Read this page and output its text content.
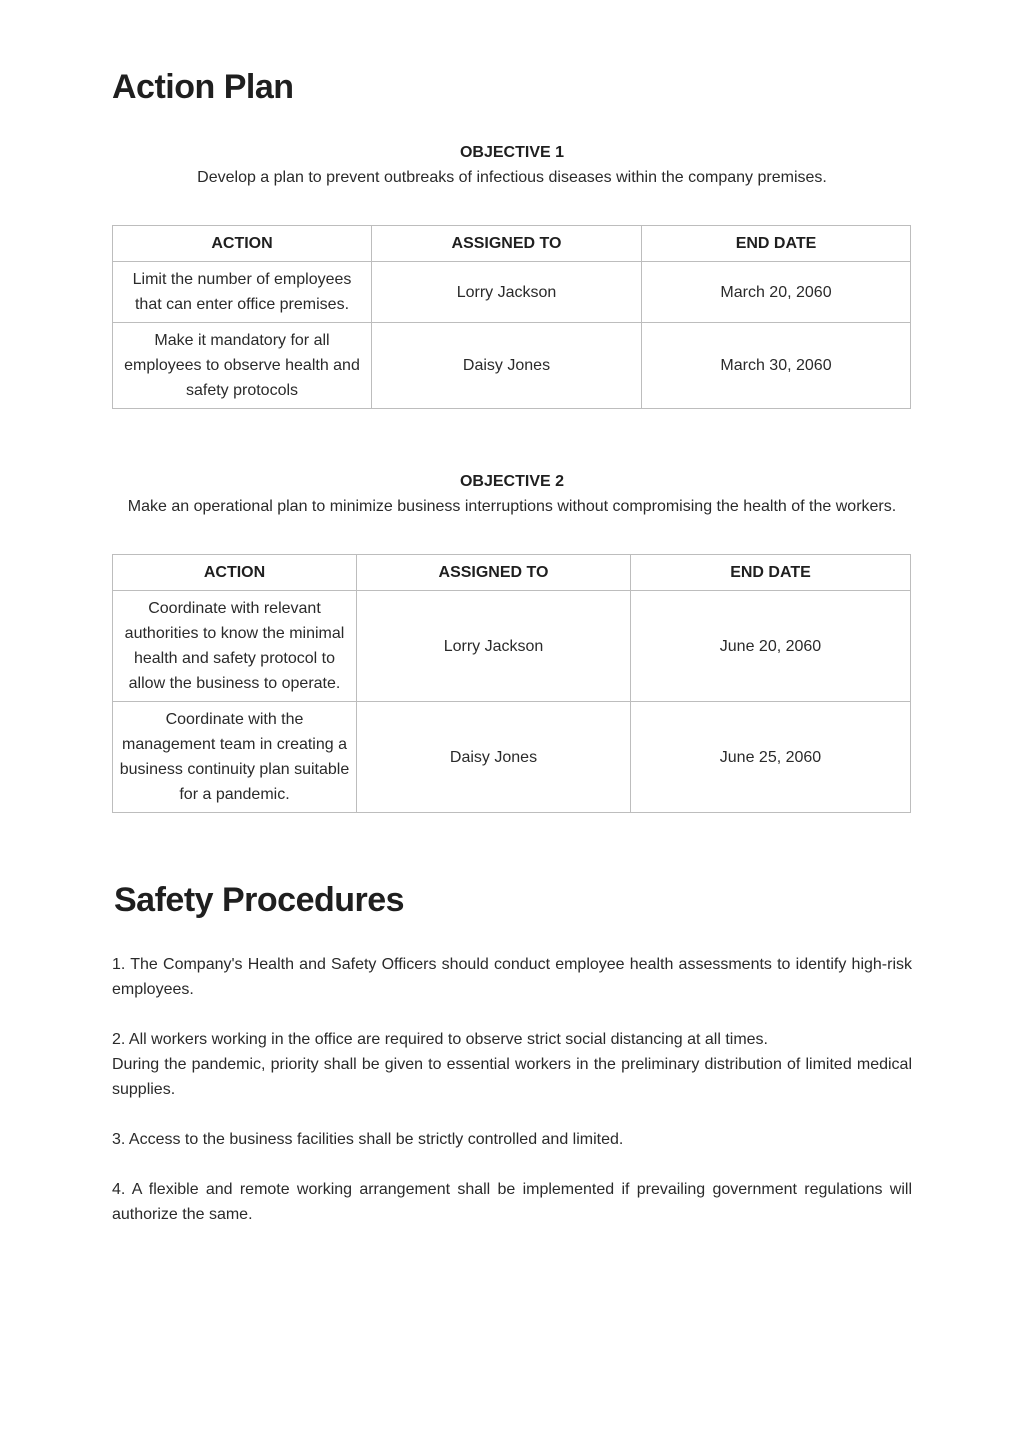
Action Plan
OBJECTIVE 1
Develop a plan to prevent outbreaks of infectious diseases within the company premises.
ACTION	ASSIGNED TO	END DATE
Limit the number of employees that can enter office premises.	Lorry Jackson	March 20, 2060
Make it mandatory for all employees to observe health and safety protocols	Daisy Jones	March 30, 2060
OBJECTIVE 2
Make an operational plan to minimize business interruptions without compromising the health of the workers.
ACTION	ASSIGNED TO	END DATE
Coordinate with relevant authorities to know the minimal health and safety protocol to allow the business to operate.	Lorry Jackson	June 20, 2060
Coordinate with the management team in creating a business continuity plan suitable for a pandemic.	Daisy Jones	June 25, 2060
Safety Procedures

1. The Company's Health and Safety Officers should conduct employee health assessments to identify high-risk employees.

2. All workers working in the office are required to observe strict social distancing at all times.

During the pandemic, priority shall be given to essential workers in the preliminary distribution of limited medical supplies.

3. Access to the business facilities shall be strictly controlled and limited.

4. A flexible and remote working arrangement shall be implemented if prevailing government regulations will authorize the same.
